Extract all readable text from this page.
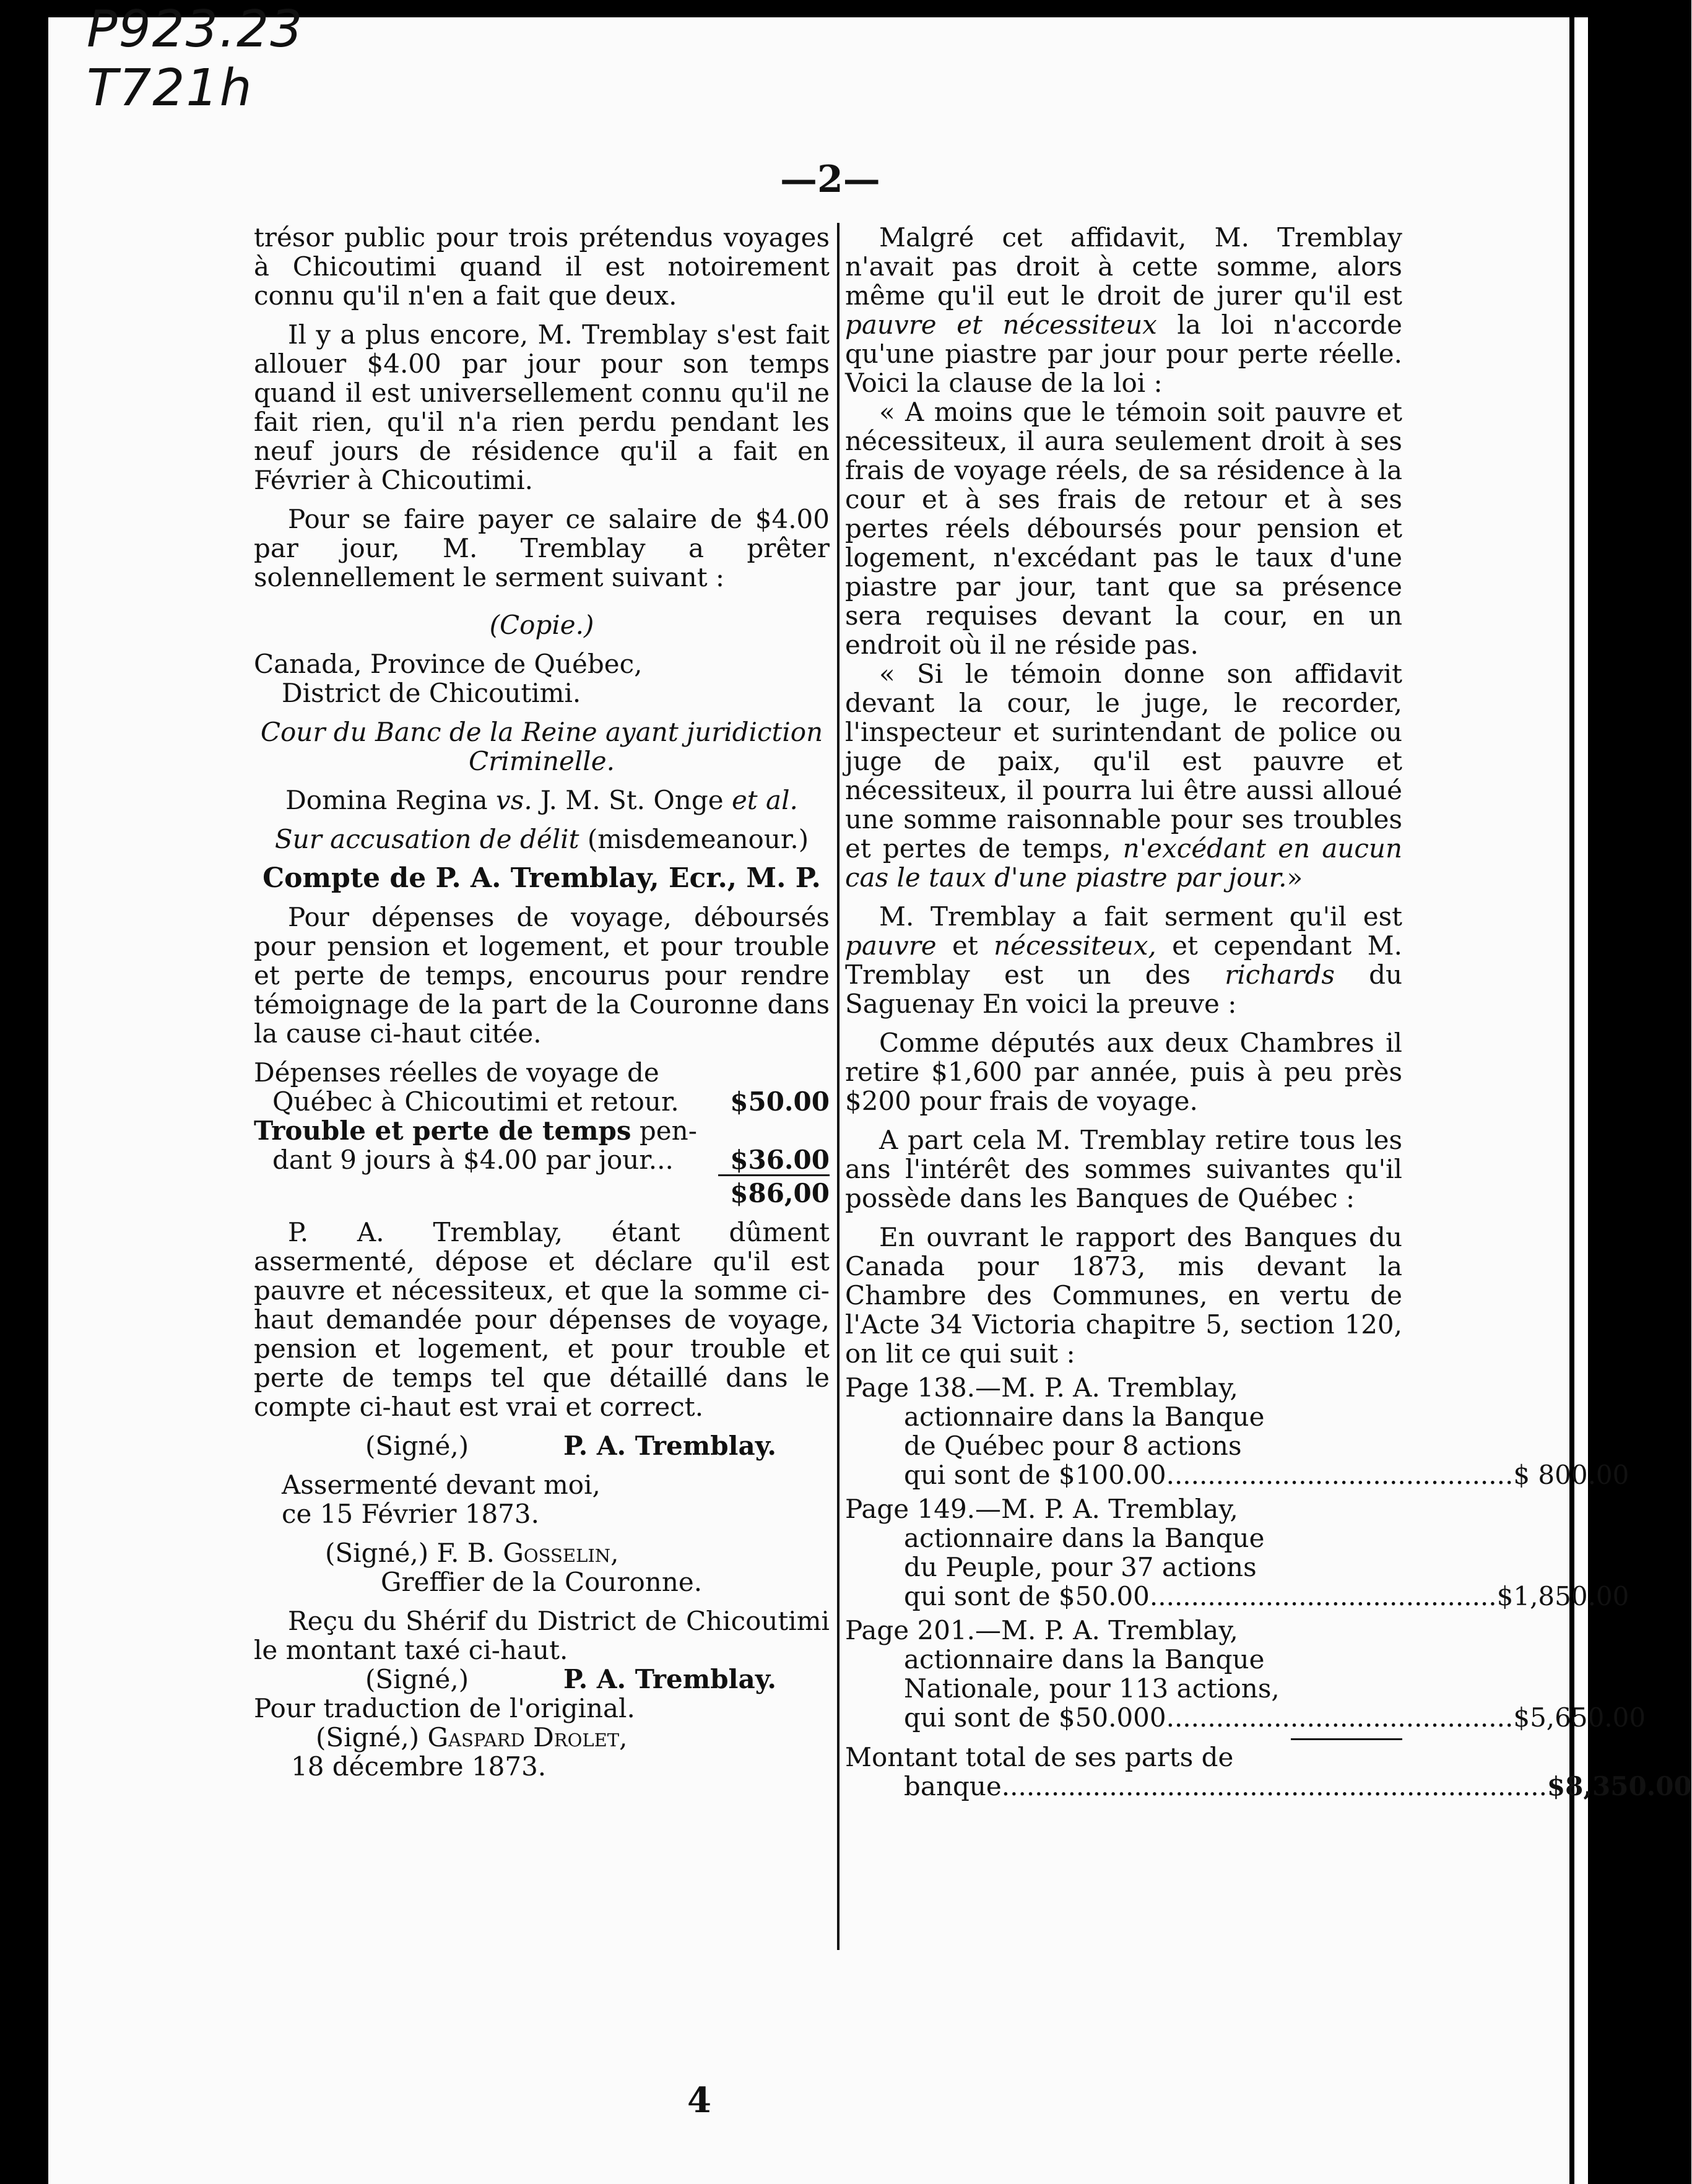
P923.23
T721h
—2—

trésor public pour trois prétendus voyages à Chicoutimi quand il est notoirement connu qu'il n'en a fait que deux.

Il y a plus encore, M. Tremblay s'est fait allouer $4.00 par jour pour son temps quand il est universellement connu qu'il ne fait rien, qu'il n'a rien perdu pendant les neuf jours de résidence qu'il a fait en Février à Chicoutimi.

Pour se faire payer ce salaire de $4.00 par jour, M. Tremblay a prêter solennellement le serment suivant :

(Copie.)

Canada, Province de Québec,

District de Chicoutimi.

Cour du Banc de la Reine ayant juridiction Criminelle.

Domina Regina vs. J. M. St. Onge et al.

Sur accusation de délit (misdemeanour.)

Compte de P. A. Tremblay, Ecr., M. P.

Pour dépenses de voyage, déboursés pour pension et logement, et pour trouble et perte de temps, encourus pour rendre témoignage de la part de la Couronne dans la cause ci-haut citée.

Dépenses réelles de voyage de
Québec à Chicoutimi et retour. $50.00
Trouble et perte de temps pen-
dant 9 jours à $4.00 par jour... $36.00
$86,00

P. A. Tremblay, étant dûment assermenté, dépose et déclare qu'il est pauvre et nécessiteux, et que la somme ci-haut demandée pour dépenses de voyage, pension et logement, et pour trouble et perte de temps tel que détaillé dans le compte ci-haut est vrai et correct.

(Signé,)	P. A. Tremblay.
Assermenté devant moi,
ce 15 Février 1873.
(Signé,) F. B. Gosselin,
Greffier de la Couronne.

Reçu du Shérif du District de Chicoutimi le montant taxé ci-haut.

(Signé,)	P. A. Tremblay.

Pour traduction de l'original.

(Signé,) Gaspard Drolet,
18 décembre 1873.

Malgré cet affidavit, M. Tremblay n'avait pas droit à cette somme, alors même qu'il eut le droit de jurer qu'il est pauvre et nécessiteux la loi n'accorde qu'une piastre par jour pour perte réelle. Voici la clause de la loi :

« A moins que le témoin soit pauvre et nécessiteux, il aura seulement droit à ses frais de voyage réels, de sa résidence à la cour et à ses frais de retour et à ses pertes réels déboursés pour pension et logement, n'excédant pas le taux d'une piastre par jour, tant que sa présence sera requises devant la cour, en un endroit où il ne réside pas.

« Si le témoin donne son affidavit devant la cour, le juge, le recorder, l'inspecteur et surintendant de police ou juge de paix, qu'il est pauvre et nécessiteux, il pourra lui être aussi alloué une somme raisonnable pour ses troubles et pertes de temps, n'excédant en aucun cas le taux d'une piastre par jour.»

M. Tremblay a fait serment qu'il est pauvre et nécessiteux, et cependant M. Tremblay est un des richards du Saguenay En voici la preuve :

Comme députés aux deux Chambres il retire $1,600 par année, puis à peu près $200 pour frais de voyage.

A part cela M. Tremblay retire tous les ans l'intérêt des sommes suivantes qu'il possède dans les Banques de Québec :

En ouvrant le rapport des Banques du Canada pour 1873, mis devant la Chambre des Communes, en vertu de l'Acte 34 Victoria chapitre 5, section 120, on lit ce qui suit :

Page 138.—M. P. A. Tremblay,
actionnaire dans la Banque
de Québec pour 8 actions
qui sont de $100.00 .......................................... $ 800.00
Page 149.—M. P. A. Tremblay,
actionnaire dans la Banque
du Peuple, pour 37 actions
qui sont de $50.00 .......................................... $1,850.00
Page 201.—M. P. A. Tremblay,
actionnaire dans la Banque
Nationale, pour 113 actions,
qui sont de $50.000 .......................................... $5,650.00
Montant total de ses parts de
banque .................................................................. $8,350.00
4
